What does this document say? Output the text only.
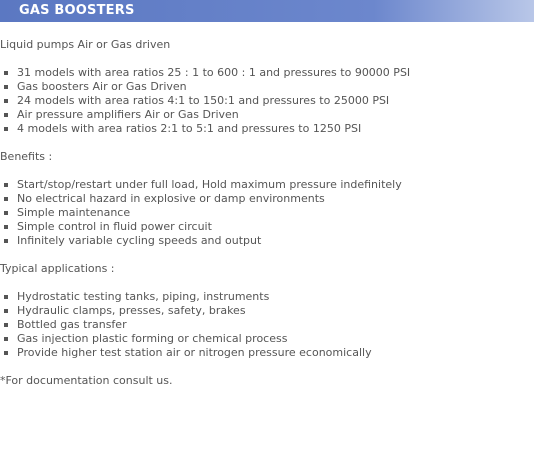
GAS BOOSTERS

Liquid pumps Air or Gas driven

31 models with area ratios 25 : 1 to 600 : 1 and pressures to 90000 PSI
Gas boosters Air or Gas Driven
24 models with area ratios 4:1 to 150:1 and pressures to 25000 PSI
Air pressure amplifiers Air or Gas Driven
4 models with area ratios 2:1 to 5:1 and pressures to 1250 PSI

Benefits :

Start/stop/restart under full load, Hold maximum pressure indefinitely
No electrical hazard in explosive or damp environments
Simple maintenance
Simple control in fluid power circuit
Infinitely variable cycling speeds and output

Typical applications :

Hydrostatic testing tanks, piping, instruments
Hydraulic clamps, presses, safety, brakes
Bottled gas transfer
Gas injection plastic forming or chemical process
Provide higher test station air or nitrogen pressure economically

*For documentation consult us.
